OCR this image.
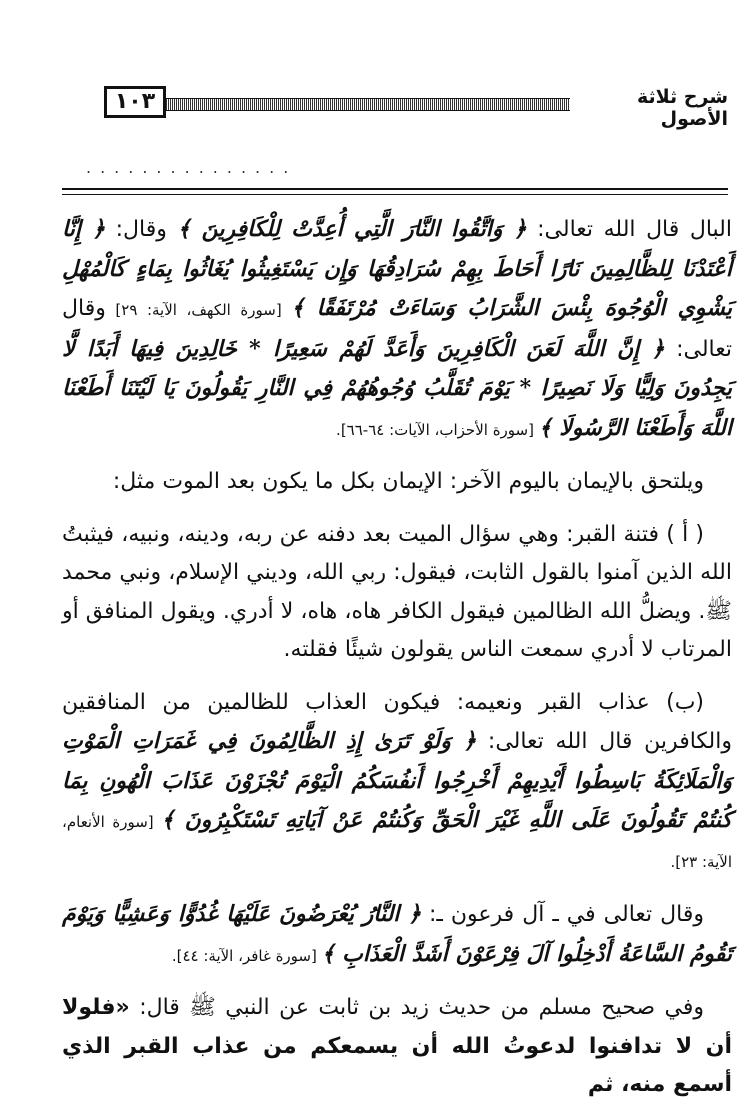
١٠٣	شرح ثلاثة الأصول
...............

البال قال الله تعالى: ﴿ وَاتَّقُوا النَّارَ الَّتِي أُعِدَّتْ لِلْكَافِرِينَ ﴾ وقال: ﴿ إِنَّا أَعْتَدْنَا لِلظَّالِمِينَ نَارًا أَحَاطَ بِهِمْ سُرَادِقُهَا وَإِن يَسْتَغِيثُوا يُغَاثُوا بِمَاءٍ كَالْمُهْلِ يَشْوِي الْوُجُوهَ بِئْسَ الشَّرَابُ وَسَاءَتْ مُرْتَفَقًا ﴾ [سورة الكهف، الآية: ٢٩] وقال تعالى: ﴿ إِنَّ اللَّهَ لَعَنَ الْكَافِرِينَ وَأَعَدَّ لَهُمْ سَعِيرًا * خَالِدِينَ فِيهَا أَبَدًا لَّا يَجِدُونَ وَلِيًّا وَلَا نَصِيرًا * يَوْمَ تُقَلَّبُ وُجُوهُهُمْ فِي النَّارِ يَقُولُونَ يَا لَيْتَنَا أَطَعْنَا اللَّهَ وَأَطَعْنَا الرَّسُولَا ﴾ [سورة الأحزاب، الآيات: ٦٤-٦٦].

ويلتحق بالإيمان باليوم الآخر: الإيمان بكل ما يكون بعد الموت مثل:

( أ ) فتنة القبر: وهي سؤال الميت بعد دفنه عن ربه، ودينه، ونبيه، فيثبتُ الله الذين آمنوا بالقول الثابت، فيقول: ربي الله، وديني الإسلام، ونبي محمد ﷺ. ويضلُّ الله الظالمين فيقول الكافر هاه، هاه، لا أدري. ويقول المنافق أو المرتاب لا أدري سمعت الناس يقولون شيئًا فقلته.

(ب) عذاب القبر ونعيمه: فيكون العذاب للظالمين من المنافقين والكافرين قال الله تعالى: ﴿ وَلَوْ تَرَىٰ إِذِ الظَّالِمُونَ فِي غَمَرَاتِ الْمَوْتِ وَالْمَلَائِكَةُ بَاسِطُوا أَيْدِيهِمْ أَخْرِجُوا أَنفُسَكُمُ الْيَوْمَ تُجْزَوْنَ عَذَابَ الْهُونِ بِمَا كُنتُمْ تَقُولُونَ عَلَى اللَّهِ غَيْرَ الْحَقِّ وَكُنتُمْ عَنْ آيَاتِهِ تَسْتَكْبِرُونَ ﴾ [سورة الأنعام، الآية: ٢٣].

وقال تعالى في ـ آل فرعون ـ: ﴿ النَّارُ يُعْرَضُونَ عَلَيْهَا غُدُوًّا وَعَشِيًّا وَيَوْمَ تَقُومُ السَّاعَةُ أَدْخِلُوا آلَ فِرْعَوْنَ أَشَدَّ الْعَذَابِ ﴾ [سورة غافر، الآية: ٤٤].

وفي صحيح مسلم من حديث زيد بن ثابت عن النبي ﷺ قال: «فلولا أن لا تدافنوا لدعوتُ الله أن يسمعكم من عذاب القبر الذي أسمع منه، ثم
